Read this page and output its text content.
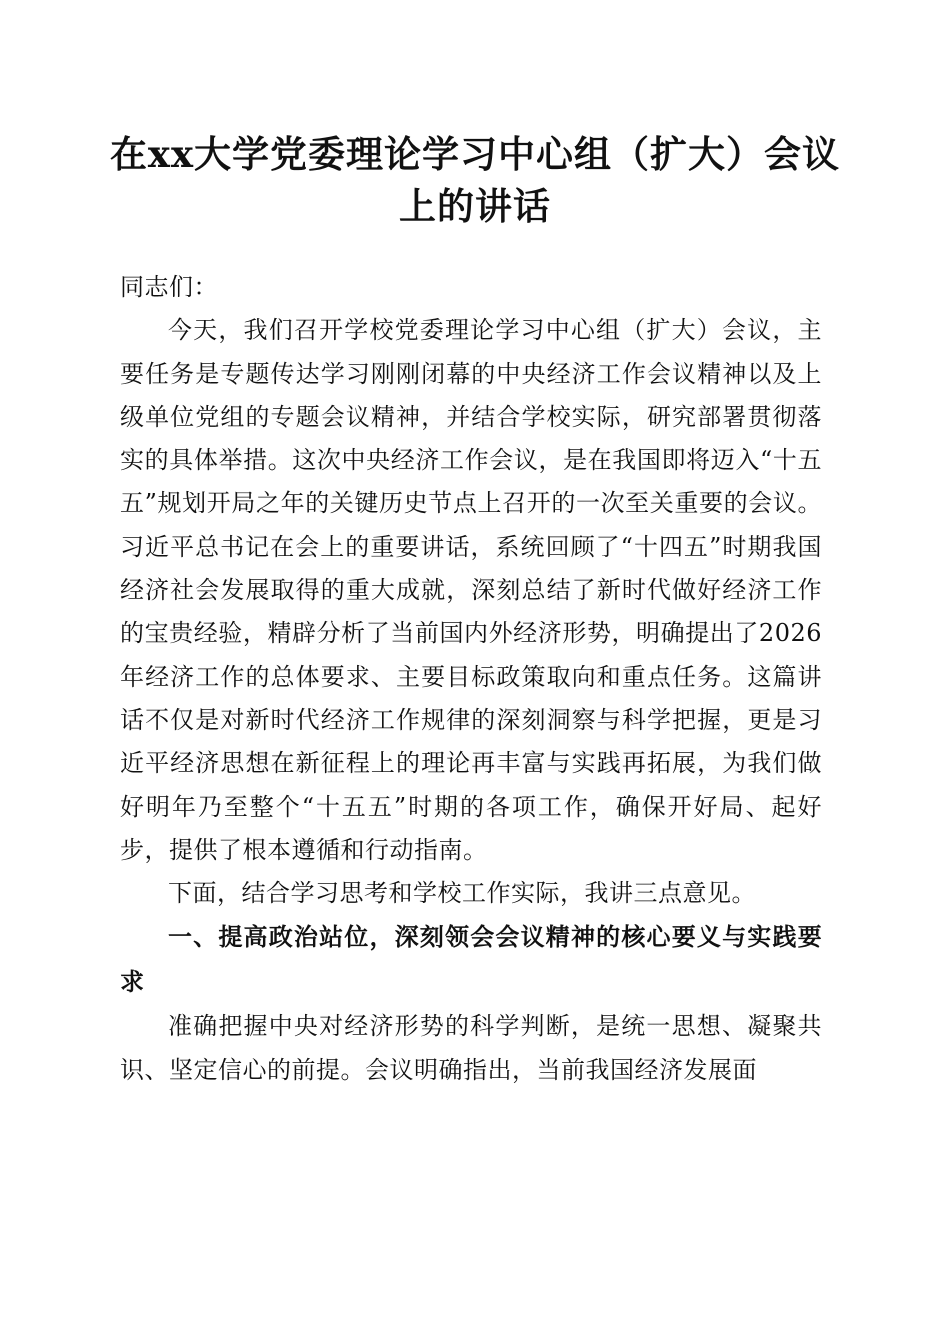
在xx大学党委理论学习中心组（扩大）会议
上的讲话

同志们：

今天，我们召开学校党委理论学习中心组（扩大）会议，主要任务是专题传达学习刚刚闭幕的中央经济工作会议精神以及上级单位党组的专题会议精神，并结合学校实际，研究部署贯彻落实的具体举措。这次中央经济工作会议，是在我国即将迈入“十五五”规划开局之年的关键历史节点上召开的一次至关重要的会议。习近平总书记在会上的重要讲话，系统回顾了“十四五”时期我国经济社会发展取得的重大成就，深刻总结了新时代做好经济工作的宝贵经验，精辟分析了当前国内外经济形势，明确提出了2026年经济工作的总体要求、主要目标政策取向和重点任务。这篇讲话不仅是对新时代经济工作规律的深刻洞察与科学把握，更是习近平经济思想在新征程上的理论再丰富与实践再拓展，为我们做好明年乃至整个“十五五”时期的各项工作，确保开好局、起好步，提供了根本遵循和行动指南。

下面，结合学习思考和学校工作实际，我讲三点意见。

一、提高政治站位，深刻领会会议精神的核心要义与实践要求

准确把握中央对经济形势的科学判断，是统一思想、凝聚共识、坚定信心的前提。会议明确指出，当前我国经济发展面
